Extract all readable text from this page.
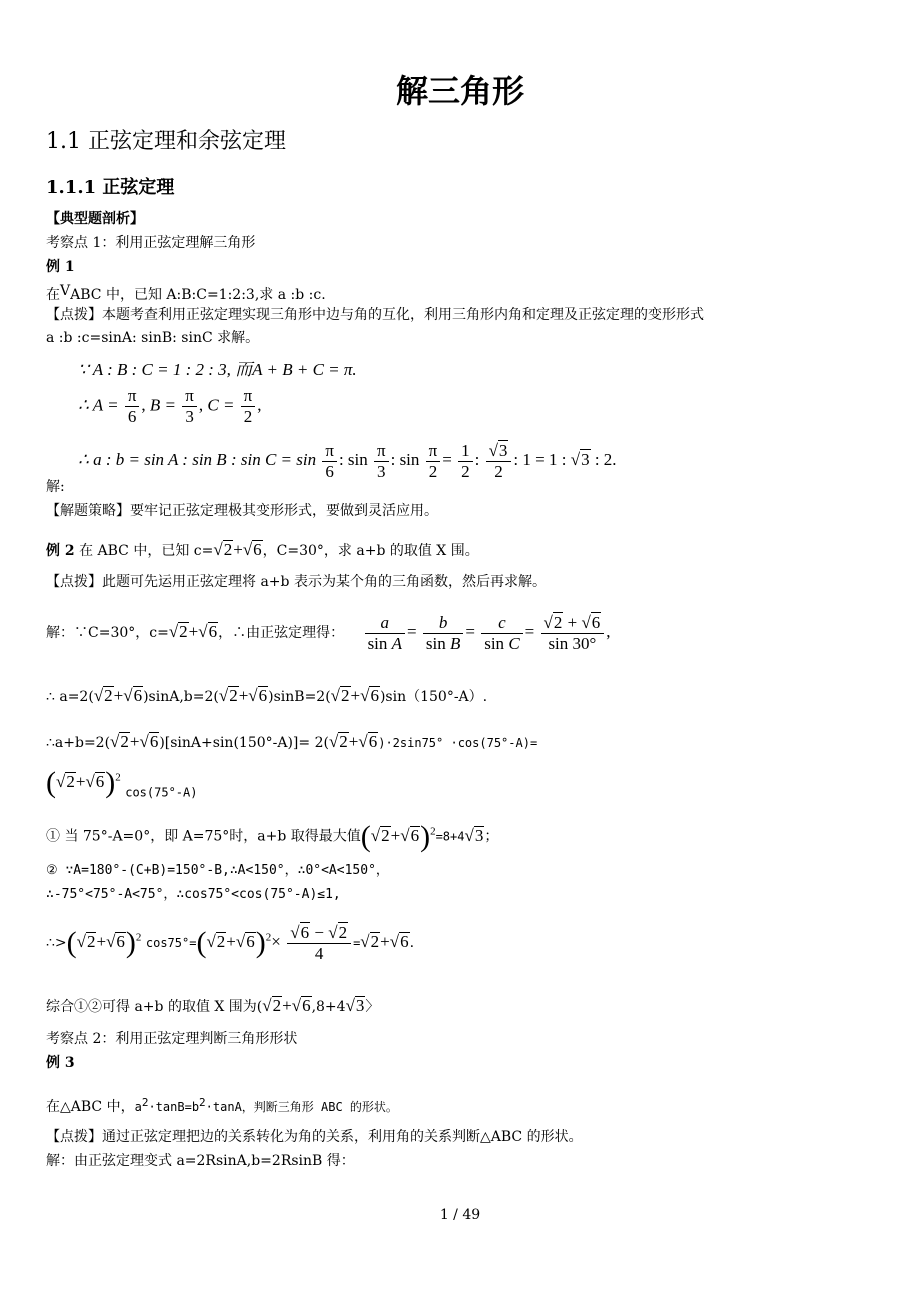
解三角形
1.1 正弦定理和余弦定理
1.1.1 正弦定理
【典型题剖析】
考察点 1：利用正弦定理解三角形
例 1
在VABC 中，已知 A:B:C=1:2:3,求 a :b :c.
【点拨】本题考查利用正弦定理实现三角形中边与角的互化，利用三角形内角和定理及正弦定理的变形形式
a :b :c=sinA: sinB: sinC 求解。
∵ A : B : C = 1 : 2 : 3, 而A + B + C = π.
∴ $A = \frac{\pi}{6}$ , $B = \frac{\pi}{3}$ , $C = \frac{\pi}{2}$ ,
∴ a : b = sin A : sin B : $\sin C = \sin \frac{\pi}{6}$ : $\sin \frac{\pi}{3}$ : $\sin \frac{\pi}{2} = \frac{1}{2}$ : √ $\frac{3}{2}$ : 1 = 1 : √ 3 : 2.
解:
【解题策略】要牢记正弦定理极其变形形式，要做到灵活应用。
例 2 在 ABC 中，已知 c= √ 2+ √ 6，C=30°，求 a+b 的取值 X 围。
【点拨】此题可先运用正弦定理将 a+b 表示为某个角的三角函数，然后再求解。
解：∵C=30°，c= √ 2+ √ 6，∴由正弦定理得： $\frac{a}{\text{sin A}} = \frac{b}{\text{sin B}} = \frac{c}{\text{sin C}}$ = √ $\frac{2 + √ 6}{\sin 30^\circ}$ ,
∴ a=2( √ 2+ √ 6)sinA,b=2( √ 2+ √ 6)sinB=2( √ 2+ √ 6)sin（150°-A）.
∴a+b=2( √ 2+ √ 6)[sinA+sin(150°-A)]= 2( √ 2+ √ 6)·2sin75° ·cos(75°-A)=
( √ 2+ √ 6)$^2$ cos(75°-A)
① 当 75°-A=0°，即 A=75°时，a+b 取得最大值( √ 2+ √ 6)$^2$=8+4 √ 3；
② ∵A=180°-(C+B)=150°-B,∴A<150°，∴0°<A<150°，
∴-75°<75°-A<75°，∴cos75°<cos(75°-A)≤1,
∴>( √ 2+ √ 6)$^2$ cos75°=( √ 2+ √ 6)$^2$× √ $\frac{6 - √ 2}{4}$ = √ 2+ √ 6.
综合①②可得 a+b 的取值 X 围为( √ 2+ √ 6,8+4 √ 3〉
考察点 2：利用正弦定理判断三角形形状
例 3
在△ABC 中，a2·tanB=b2·tanA，判断三角形 ABC 的形状。
【点拨】通过正弦定理把边的关系转化为角的关系，利用角的关系判断△ABC 的形状。
解：由正弦定理变式 a=2RsinA,b=2RsinB 得：
1 / 49
